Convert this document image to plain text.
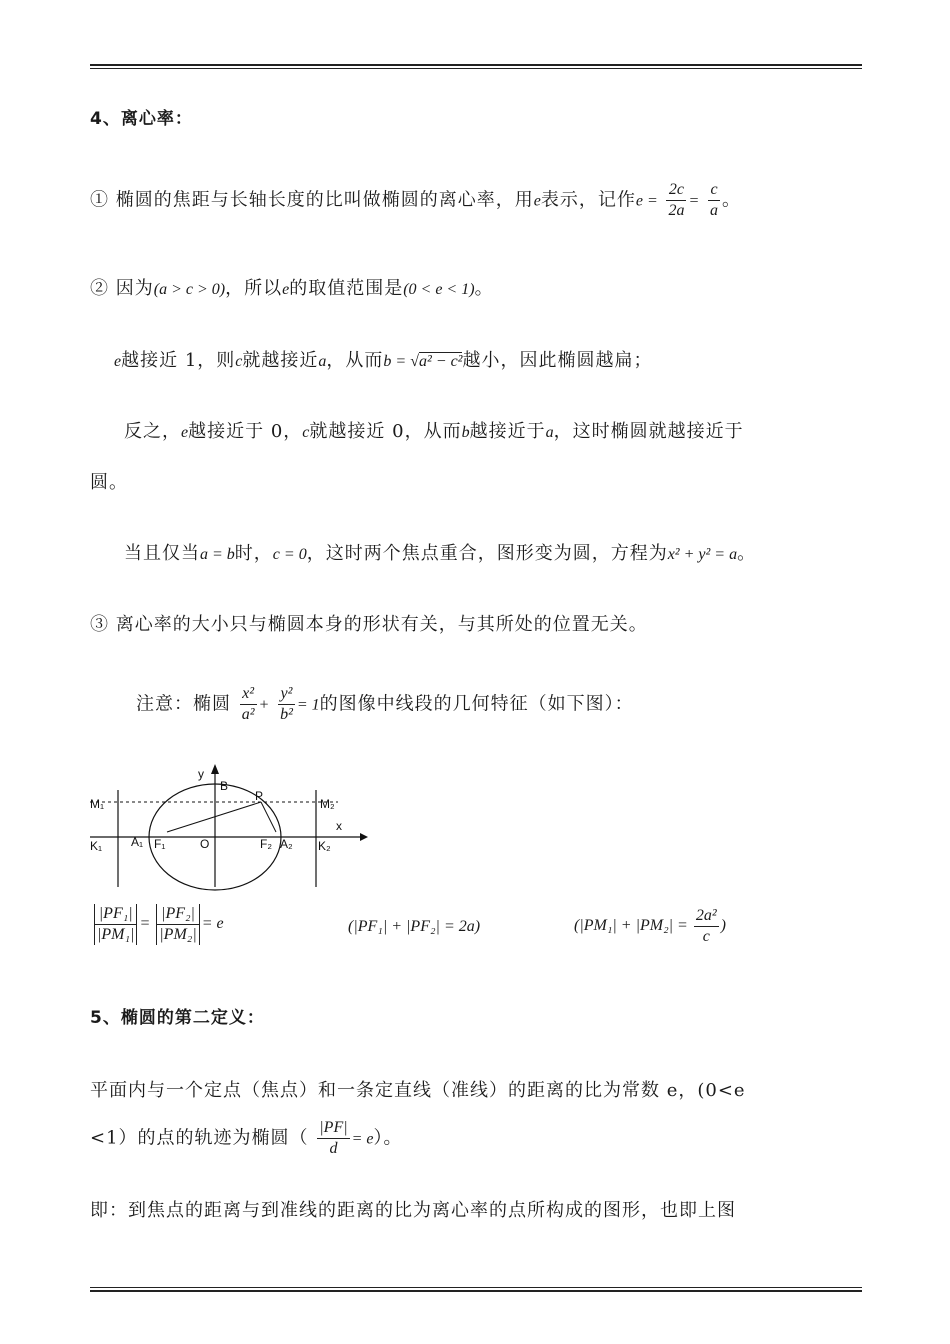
4、离心率：
① 椭圆的焦距与长轴长度的比叫做椭圆的离心率，用e表示，记作$e = \frac{2c}{2a} = \frac{c}{a}$ 。
② 因为(a > c > 0)，所以e的取值范围是(0 < e < 1)。
e越接近 1，则c就越接近a，从而b = √a² − c²越小，因此椭圆越扁；
反之，e越接近于 0，c就越接近 0，从而b越接近于a，这时椭圆就越接近于
圆。
当且仅当a = b时，c = 0，这时两个焦点重合，图形变为圆，方程为x² + y² = a。
③ 离心率的大小只与椭圆本身的形状有关，与其所处的位置无关。
注意：椭圆 $\frac{\text{x²}}{\text{a²}} + \frac{\text{y²}}{\text{b²}} = 1$的图像中线段的几何特征（如下图）：
y
x
B
P
O
M₁	M₂
K₁	K₂
A₁ F₁	F₂ A₂
$\frac{\text{|PF₁|}}{\text{|PM₁|}} = \frac{\text{|PF₂|}}{\text{|PM₂|}} = e$	(|PF₁| + |PF₂| = 2a)	($|PM_1| + |PM_2| = \frac{\text{2a²}}{c}$ )
5、椭圆的第二定义：
平面内与一个定点（焦点）和一条定直线（准线）的距离的比为常数 e，(0<e
<1）的点的轨迹为椭圆（ $\frac{|PF|}{d} = e$）。
即：到焦点的距离与到准线的距离的比为离心率的点所构成的图形，也即上图
